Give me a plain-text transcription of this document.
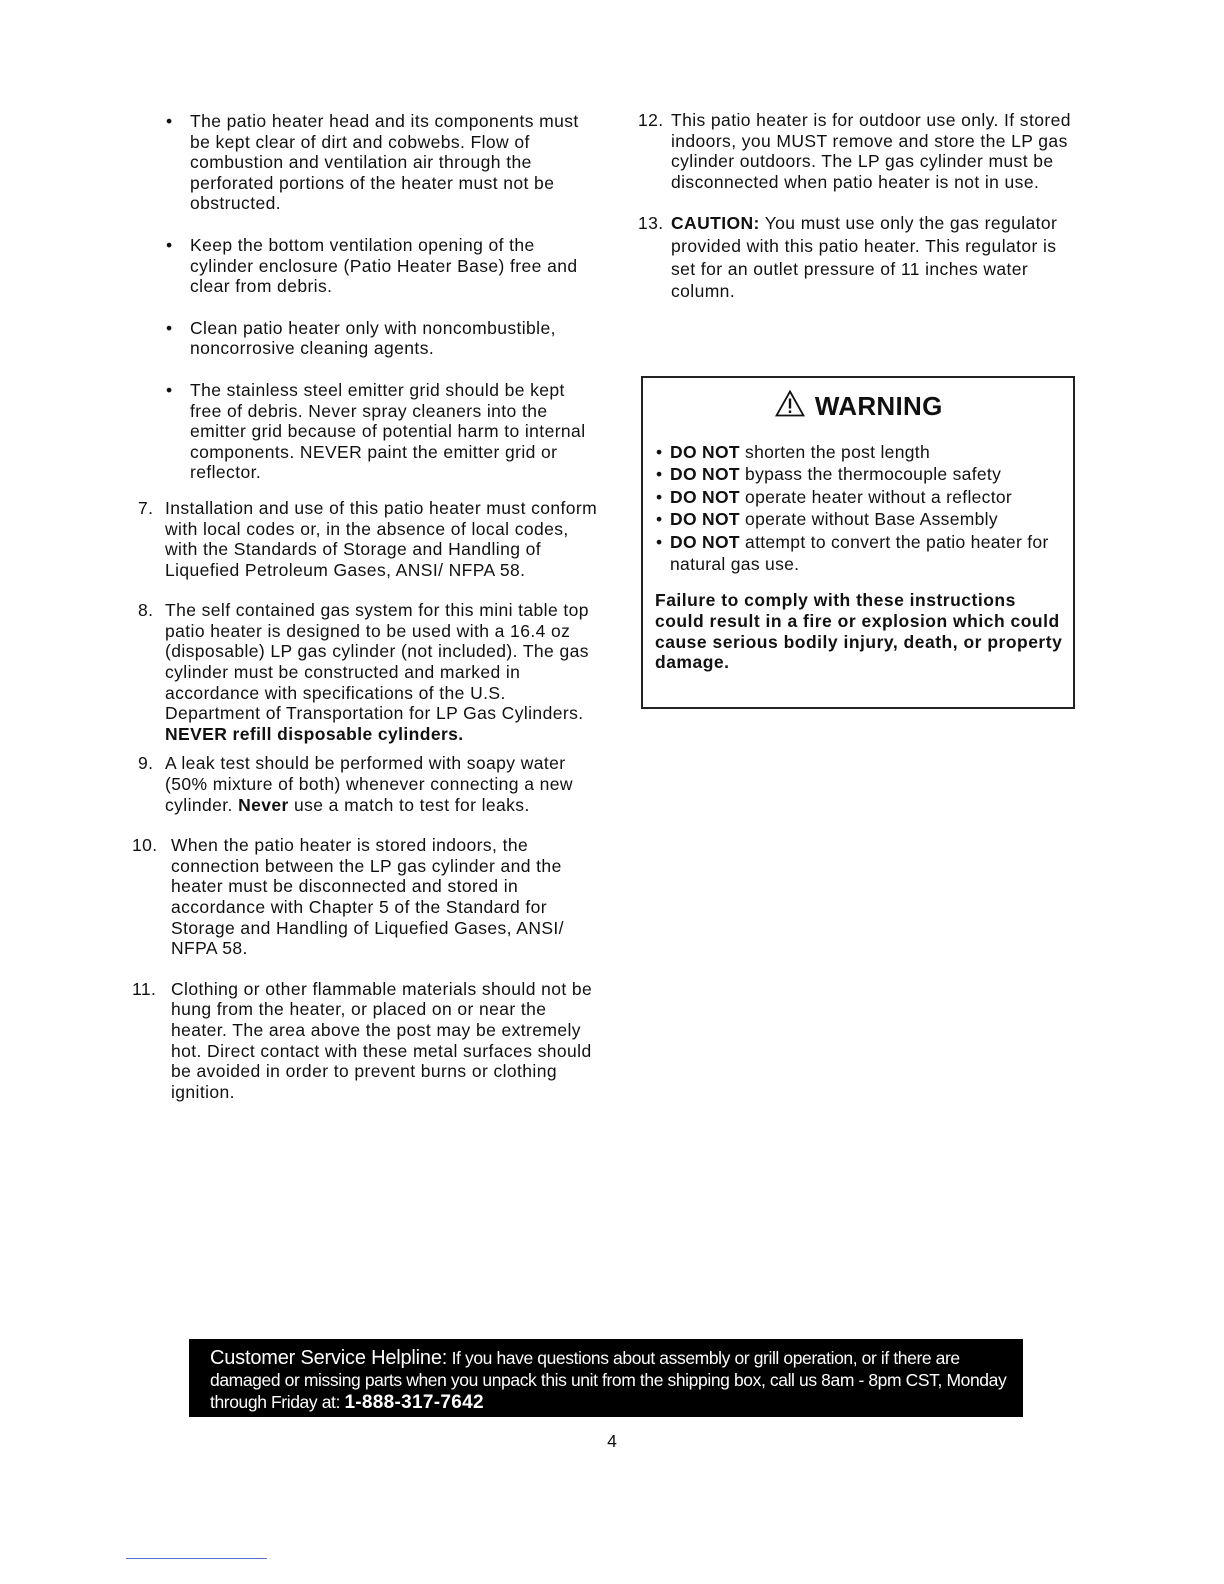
• The patio heater head and its components must be kept clear of dirt and cobwebs. Flow of combustion and ventilation air through the perforated portions of the heater must not be obstructed.
• Keep the bottom ventilation opening of the cylinder enclosure (Patio Heater Base) free and clear from debris.
• Clean patio heater only with noncombustible, noncorrosive cleaning agents.
• The stainless steel emitter grid should be kept free of debris. Never spray cleaners into the emitter grid because of potential harm to internal components. NEVER paint the emitter grid or reflector.
7. Installation and use of this patio heater must conform with local codes or, in the absence of local codes, with the Standards of Storage and Handling of Liquefied Petroleum Gases, ANSI/ NFPA 58.
8. The self contained gas system for this mini table top patio heater is designed to be used with a 16.4 oz (disposable) LP gas cylinder (not included). The gas cylinder must be constructed and marked in accordance with specifications of the U.S. Department of Transportation for LP Gas Cylinders. NEVER refill disposable cylinders.
9. A leak test should be performed with soapy water (50% mixture of both) whenever connecting a new cylinder. Never use a match to test for leaks.
10. When the patio heater is stored indoors, the connection between the LP gas cylinder and the heater must be disconnected and stored in accordance with Chapter 5 of the Standard for Storage and Handling of Liquefied Gases, ANSI/ NFPA 58.
11. Clothing or other flammable materials should not be hung from the heater, or placed on or near the heater. The area above the post may be extremely hot. Direct contact with these metal surfaces should be avoided in order to prevent burns or clothing ignition.
12. This patio heater is for outdoor use only. If stored indoors, you MUST remove and store the LP gas cylinder outdoors. The LP gas cylinder must be disconnected when patio heater is not in use.
13. CAUTION: You must use only the gas regulator provided with this patio heater. This regulator is set for an outlet pressure of 11 inches water column.
WARNING
• DO NOT shorten the post length
• DO NOT bypass the thermocouple safety
• DO NOT operate heater without a reflector
• DO NOT operate without Base Assembly
• DO NOT attempt to convert the patio heater for natural gas use.
Failure to comply with these instructions could result in a fire or explosion which could cause serious bodily injury, death, or property damage.
Customer Service Helpline: If you have questions about assembly or grill operation, or if there are damaged or missing parts when you unpack this unit from the shipping box, call us 8am - 8pm CST, Monday through Friday at: 1-888-317-7642
4
